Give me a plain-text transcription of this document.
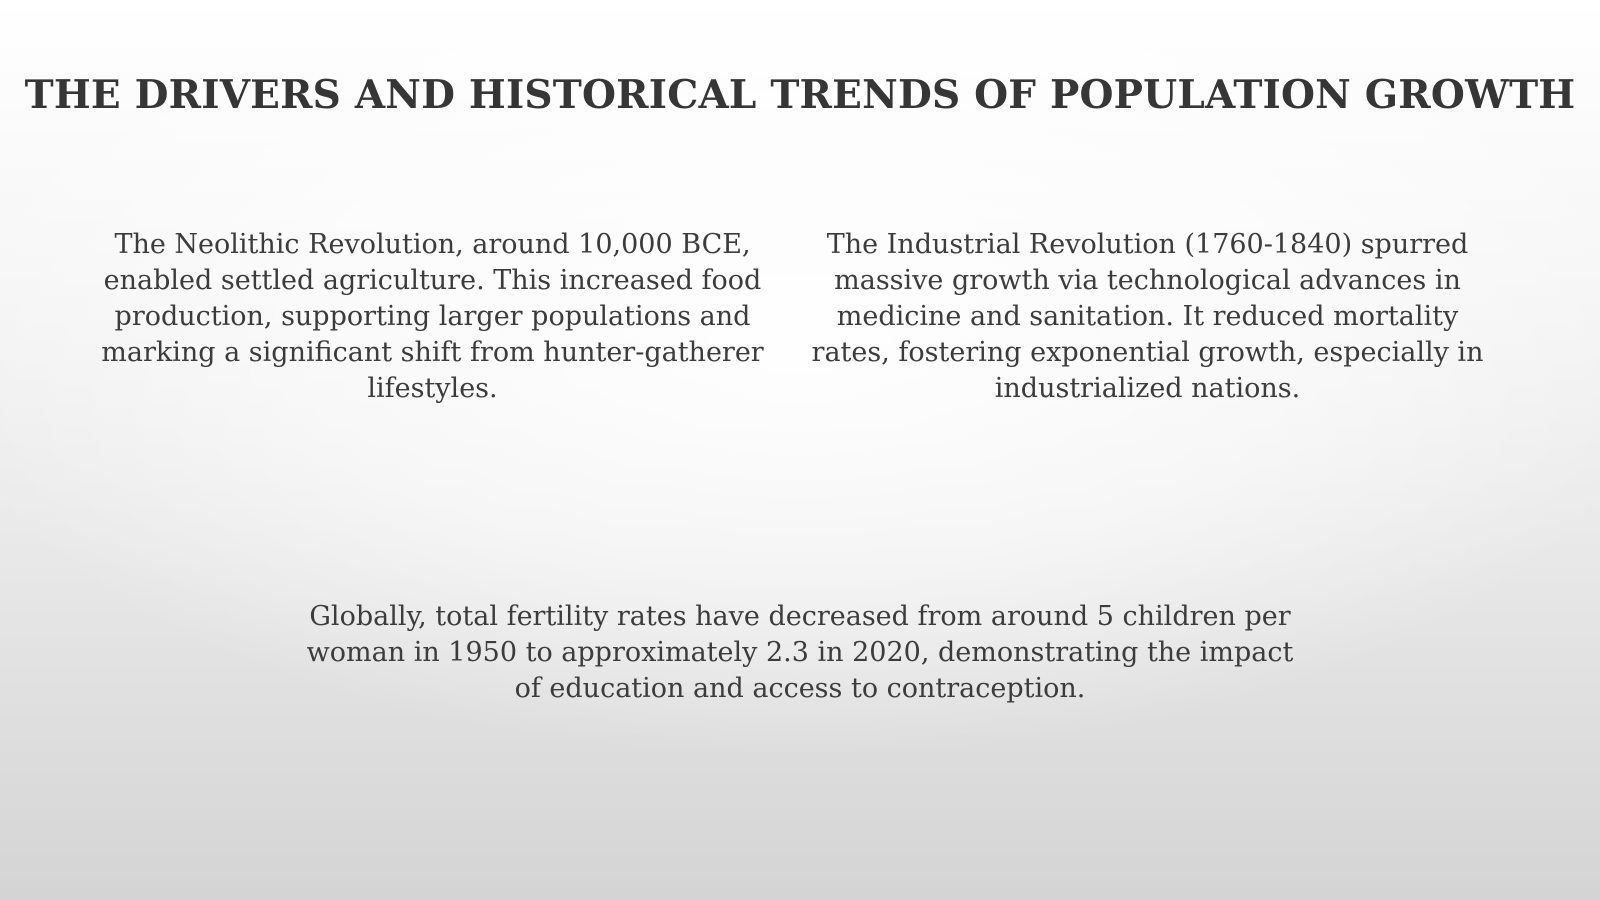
THE DRIVERS AND HISTORICAL TRENDS OF POPULATION GROWTH

The Neolithic Revolution, around 10,000 BCE, enabled settled agriculture. This increased food production, supporting larger populations and marking a significant shift from hunter-gatherer lifestyles.

The Industrial Revolution (1760-1840) spurred massive growth via technological advances in medicine and sanitation. It reduced mortality rates, fostering exponential growth, especially in industrialized nations.

Globally, total fertility rates have decreased from around 5 children per woman in 1950 to approximately 2.3 in 2020, demonstrating the impact of education and access to contraception.
